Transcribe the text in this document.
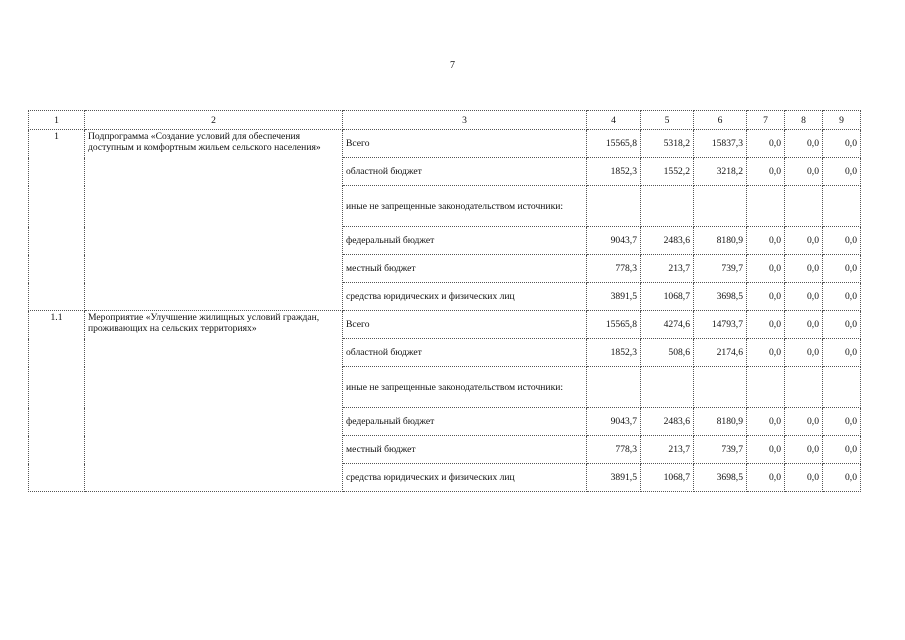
7
1	2	3	4	5	6	7	8	9
1	Подпрограмма «Создание условий для обеспечения доступным и комфортным жильем сельского населения»	Всего	15565,8	5318,2	15837,3	0,0	0,0	0,0
		областной бюджет	1852,3	1552,2	3218,2	0,0	0,0	0,0
		иные не запрещенные законодательством источники:						
		федеральный бюджет	9043,7	2483,6	8180,9	0,0	0,0	0,0
		местный бюджет	778,3	213,7	739,7	0,0	0,0	0,0
		средства юридических и физических лиц	3891,5	1068,7	3698,5	0,0	0,0	0,0
1.1	Мероприятие «Улучшение жилищных условий граждан, проживающих на сельских территориях»	Всего	15565,8	4274,6	14793,7	0,0	0,0	0,0
		областной бюджет	1852,3	508,6	2174,6	0,0	0,0	0,0
		иные не запрещенные законодательством источники:						
		федеральный бюджет	9043,7	2483,6	8180,9	0,0	0,0	0,0
		местный бюджет	778,3	213,7	739,7	0,0	0,0	0,0
		средства юридических и физических лиц	3891,5	1068,7	3698,5	0,0	0,0	0,0
